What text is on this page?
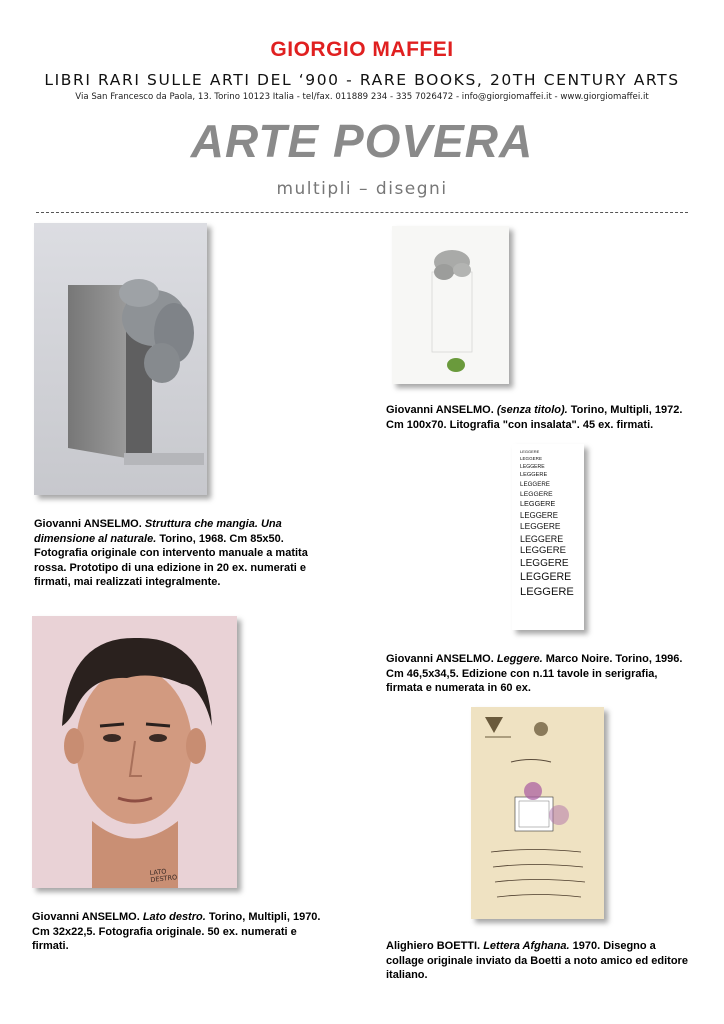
GIORGIO MAFFEI
LIBRI RARI SULLE ARTI DEL ‘900 - RARE BOOKS, 20TH CENTURY ARTS
Via San Francesco da Paola, 13. Torino 10123 Italia - tel/fax. 011889 234 - 335 7026472 - info@giorgiomaffei.it - www.giorgiomaffei.it
ARTE POVERA
multipli – disegni
Giovanni ANSELMO. Struttura che mangia. Una dimensione al naturale. Torino, 1968. Cm 85x50. Fotografia originale con intervento manuale a matita rossa. Prototipo di una edizione in 20 ex. numerati e firmati, mai realizzati integralmente.
Giovanni ANSELMO. (senza titolo). Torino, Multipli, 1972. Cm 100x70. Litografia "con insalata". 45 ex. firmati.
LEGGERE
LEGGERE
LEGGERE
LEGGERE
LEGGERE
LEGGERE
LEGGERE
LEGGERE
LEGGERE
LEGGERE
LEGGERE
LEGGERE
LEGGERE
LEGGERE
Giovanni ANSELMO. Leggere. Marco Noire. Torino, 1996. Cm 46,5x34,5. Edizione con n.11 tavole in serigrafia, firmata e numerata in 60 ex.
LATO DESTRO
Giovanni ANSELMO. Lato destro. Torino, Multipli, 1970. Cm 32x22,5. Fotografia originale. 50 ex. numerati e firmati.	Alighiero BOETTI. Lettera Afghana. 1970. Disegno a collage originale inviato da Boetti a noto amico ed editore italiano.
